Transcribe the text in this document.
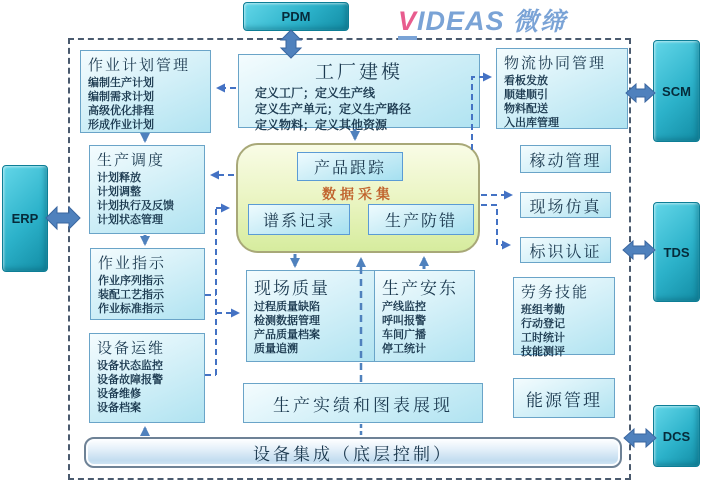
VIDEAS 微缔
PDM
ERP
SCM
TDS
DCS
作业计划管理
编制生产计划
编制需求计划
高级优化排程
形成作业计划
工厂建模
定义工厂；定义生产线
定义生产单元；定义生产路径
定义物料；定义其他资源
物流协同管理
看板发放
顺建顺引
物料配送
入出库管理
生产调度
计划释放
计划调整
计划执行及反馈
计划状态管理
数据采集
产品跟踪
谱系记录	生产防错
稼动管理
现场仿真
标识认证
作业指示
作业序列指示
装配工艺指示
作业标准指示
现场质量
过程质量缺陷
检测数据管理
产品质量档案
质量追溯
生产安东
产线监控
呼叫报警
车间广播
停工统计
劳务技能
班组考勤
行动登记
工时统计
技能测评
设备运维
设备状态监控
设备故障报警
设备维修
设备档案	生产实绩和图表展现	能源管理
设备集成（底层控制）
